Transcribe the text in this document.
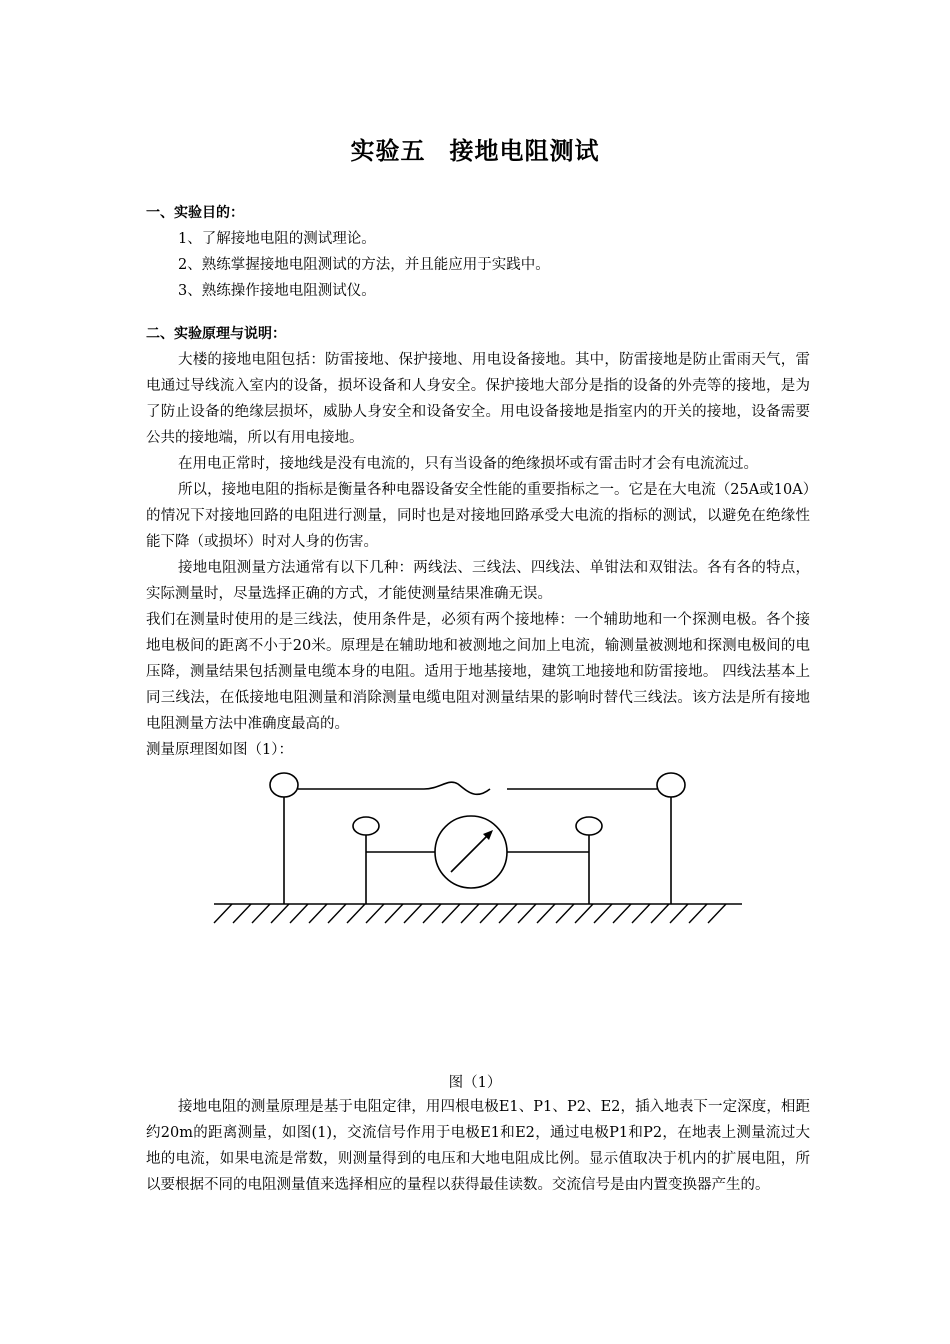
实验五 接地电阻测试
一、实验目的：
1、了解接地电阻的测试理论。
2、熟练掌握接地电阻测试的方法，并且能应用于实践中。
3、熟练操作接地电阻测试仪。
二、实验原理与说明：

大楼的接地电阻包括：防雷接地、保护接地、用电设备接地。其中，防雷接地是防止雷雨天气，雷电通过导线流入室内的设备，损坏设备和人身安全。保护接地大部分是指的设备的外壳等的接地，是为了防止设备的绝缘层损坏，威胁人身安全和设备安全。用电设备接地是指室内的开关的接地，设备需要公共的接地端，所以有用电接地。

在用电正常时，接地线是没有电流的，只有当设备的绝缘损坏或有雷击时才会有电流流过。

所以，接地电阻的指标是衡量各种电器设备安全性能的重要指标之一。它是在大电流（25A或10A）的情况下对接地回路的电阻进行测量，同时也是对接地回路承受大电流的指标的测试，以避免在绝缘性能下降（或损坏）时对人身的伤害。

接地电阻测量方法通常有以下几种：两线法、三线法、四线法、单钳法和双钳法。各有各的特点，实际测量时，尽量选择正确的方式，才能使测量结果准确无误。

我们在测量时使用的是三线法，使用条件是，必须有两个接地棒：一个辅助地和一个探测电极。各个接地电极间的距离不小于20米。原理是在辅助地和被测地之间加上电流，输测量被测地和探测电极间的电压降，测量结果包括测量电缆本身的电阻。适用于地基接地，建筑工地接地和防雷接地。 四线法基本上同三线法，在低接地电阻测量和消除测量电缆电阻对测量结果的影响时替代三线法。该方法是所有接地电阻测量方法中准确度最高的。

测量原理图如图（1）：

图（1）

接地电阻的测量原理是基于电阻定律，用四根电极E1、P1、P2、E2，插入地表下一定深度，相距约20m的距离测量，如图(1)，交流信号作用于电极E1和E2，通过电极P1和P2，在地表上测量流过大地的电流，如果电流是常数，则测量得到的电压和大地电阻成比例。显示值取决于机内的扩展电阻，所以要根据不同的电阻测量值来选择相应的量程以获得最佳读数。交流信号是由内置变换器产生的。
